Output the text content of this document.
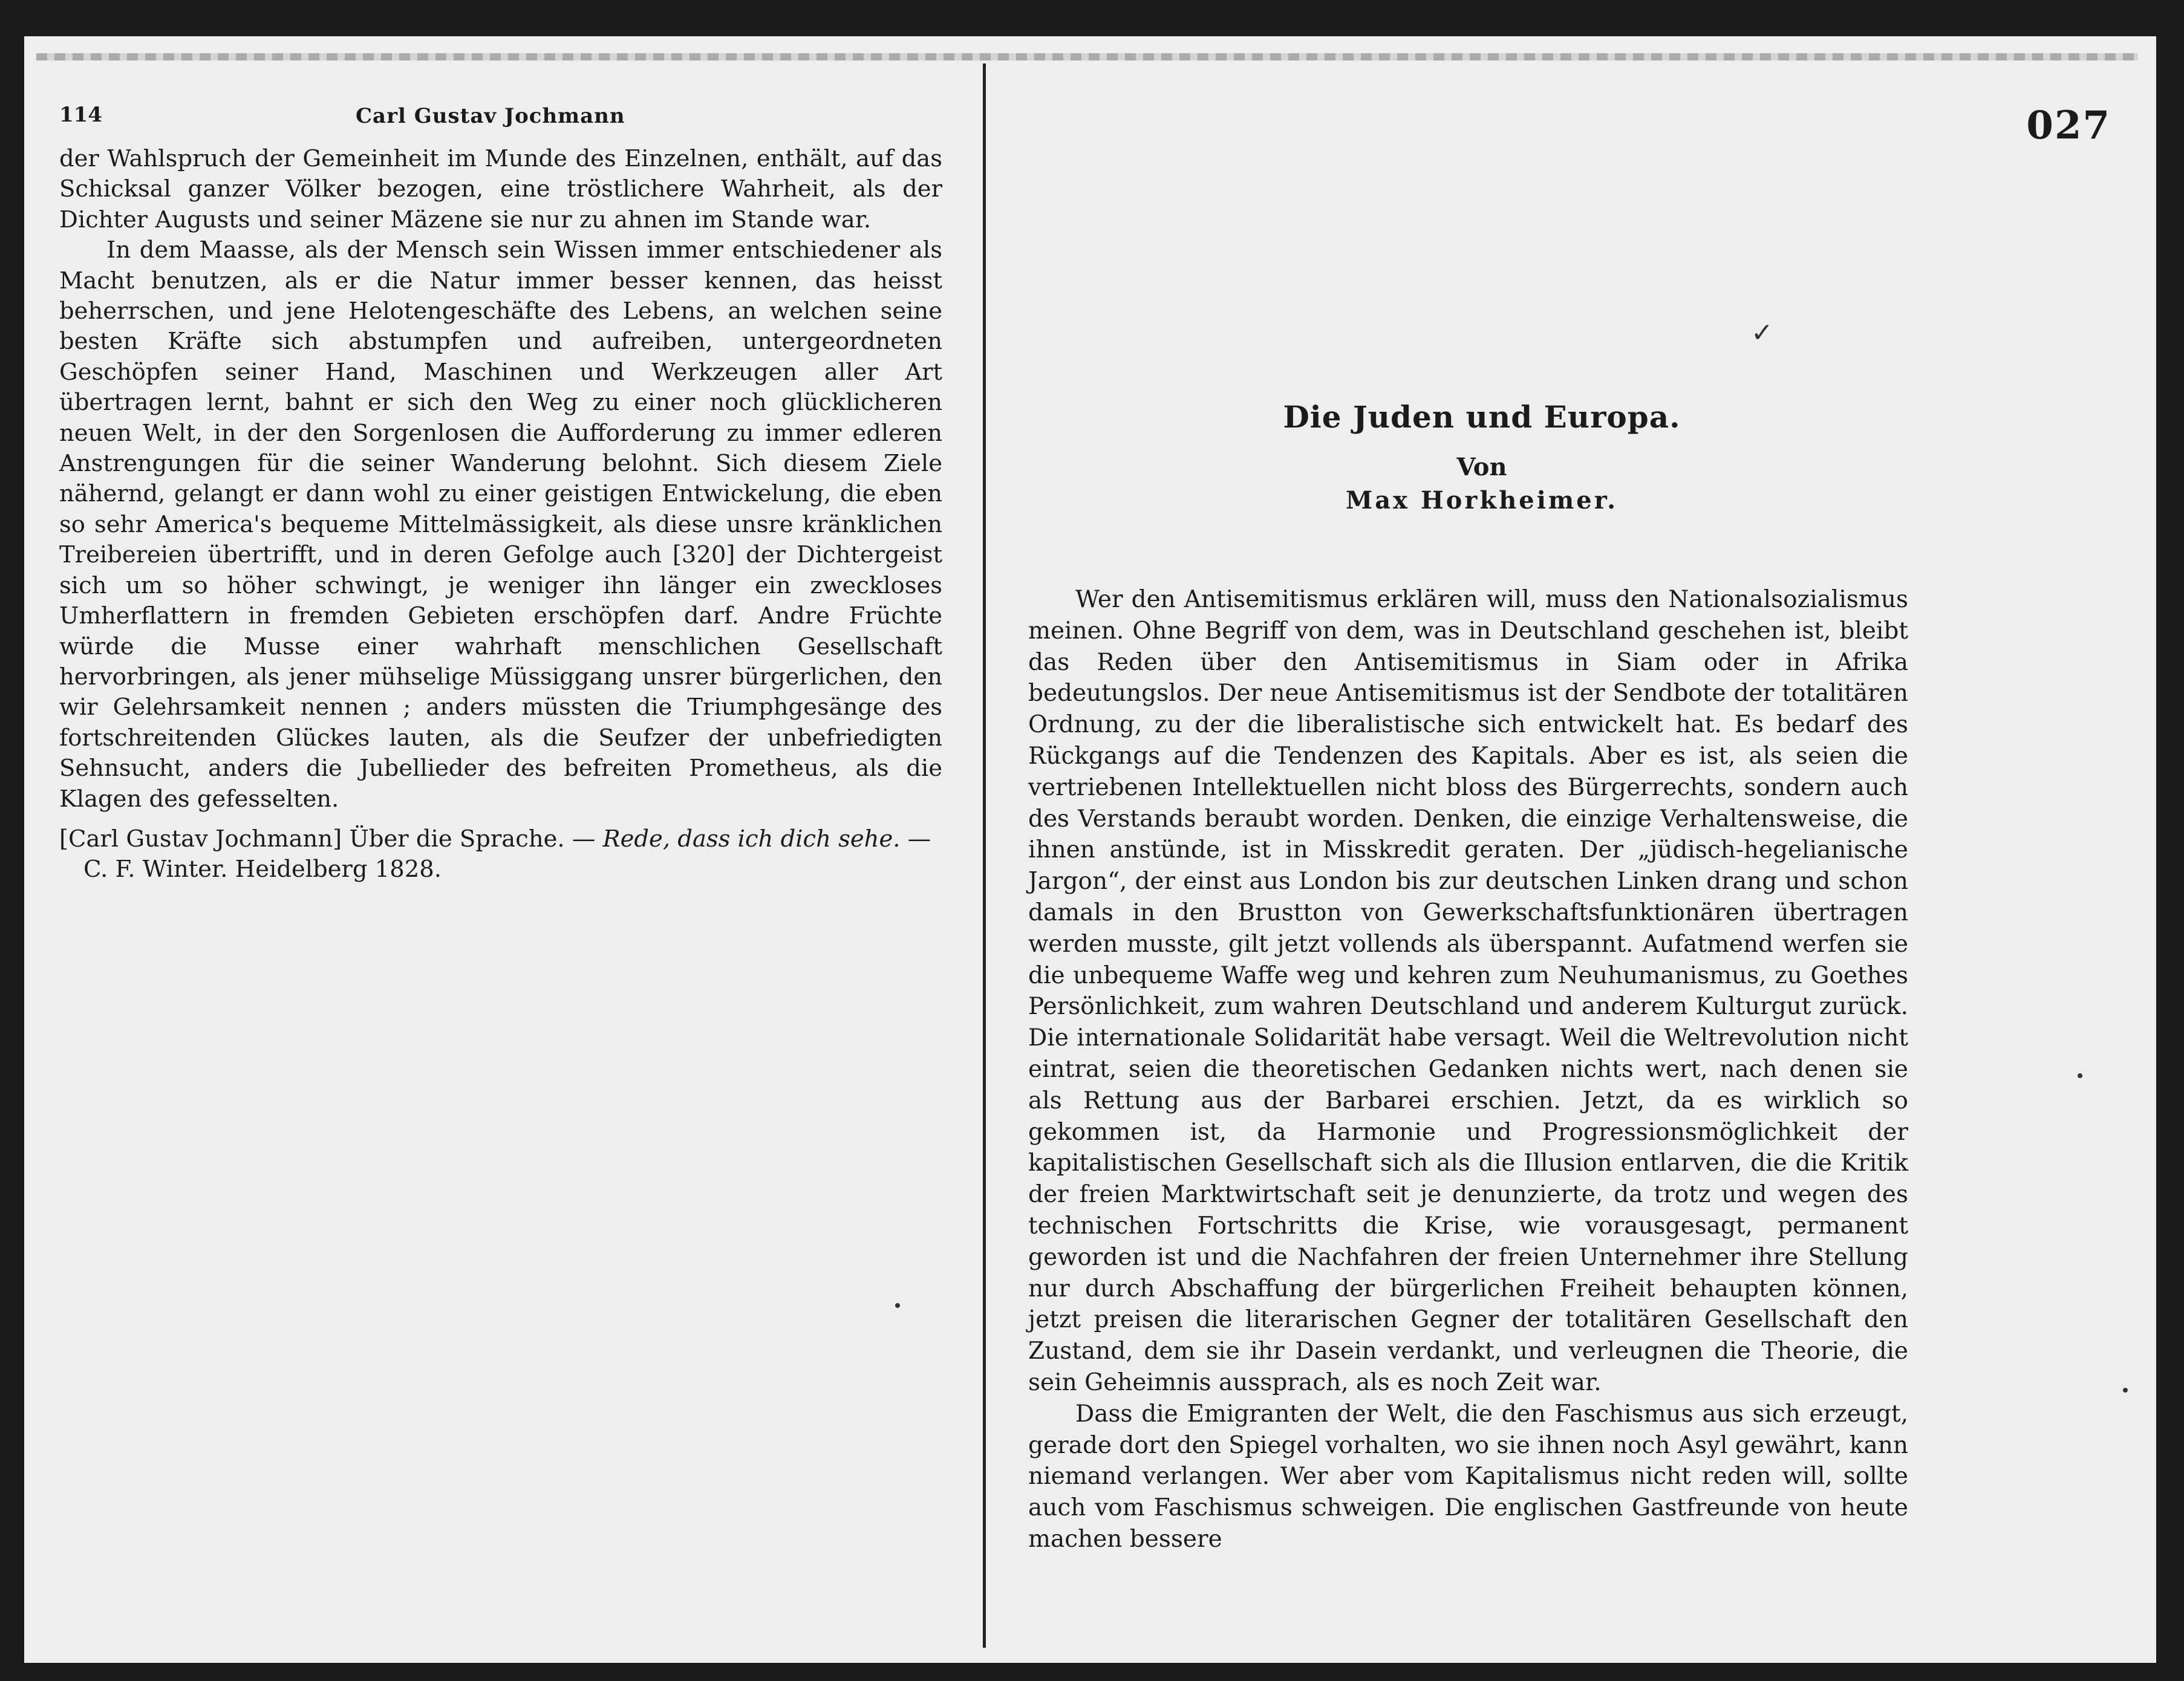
114	Carl Gustav Jochmann

der Wahlspruch der Gemeinheit im Munde des Einzelnen, enthält, auf das Schicksal ganzer Völker bezogen, eine tröstlichere Wahrheit, als der Dichter Augusts und seiner Mäzene sie nur zu ahnen im Stande war.

In dem Maasse, als der Mensch sein Wissen immer entschiedener als Macht benutzen, als er die Natur immer besser kennen, das heisst beherrschen, und jene Helotengeschäfte des Lebens, an welchen seine besten Kräfte sich abstumpfen und aufreiben, untergeordneten Geschöpfen seiner Hand, Maschinen und Werkzeugen aller Art übertragen lernt, bahnt er sich den Weg zu einer noch glücklicheren neuen Welt, in der den Sorgenlosen die Aufforderung zu immer edleren Anstrengungen für die seiner Wanderung belohnt. Sich diesem Ziele nähernd, gelangt er dann wohl zu einer geistigen Entwickelung, die eben so sehr America's bequeme Mittelmässigkeit, als diese unsre kränklichen Treibereien übertrifft, und in deren Gefolge auch [320] der Dichtergeist sich um so höher schwingt, je weniger ihn länger ein zweckloses Umherflattern in fremden Gebieten erschöpfen darf. Andre Früchte würde die Musse einer wahrhaft menschlichen Gesellschaft hervorbringen, als jener mühselige Müssiggang unsrer bürgerlichen, den wir Gelehrsamkeit nennen ; anders müssten die Triumphgesänge des fortschreitenden Glückes lauten, als die Seufzer der unbefriedigten Sehnsucht, anders die Jubellieder des befreiten Prometheus, als die Klagen des gefesselten.

[Carl Gustav Jochmann] Über die Sprache. — Rede, dass ich dich sehe. — C. F. Winter. Heidelberg 1828.
027
✓
Die Juden und Europa.
Von
Max Horkheimer.

Wer den Antisemitismus erklären will, muss den Nationalsozialismus meinen. Ohne Begriff von dem, was in Deutschland geschehen ist, bleibt das Reden über den Antisemitismus in Siam oder in Afrika bedeutungslos. Der neue Antisemitismus ist der Sendbote der totalitären Ordnung, zu der die liberalistische sich entwickelt hat. Es bedarf des Rückgangs auf die Tendenzen des Kapitals. Aber es ist, als seien die vertriebenen Intellektuellen nicht bloss des Bürgerrechts, sondern auch des Verstands beraubt worden. Denken, die einzige Verhaltensweise, die ihnen anstünde, ist in Misskredit geraten. Der „jüdisch-hegelianische Jargon“, der einst aus London bis zur deutschen Linken drang und schon damals in den Brustton von Gewerkschaftsfunktionären übertragen werden musste, gilt jetzt vollends als überspannt. Aufatmend werfen sie die unbequeme Waffe weg und kehren zum Neuhumanismus, zu Goethes Persönlichkeit, zum wahren Deutschland und anderem Kulturgut zurück. Die internationale Solidarität habe versagt. Weil die Weltrevolution nicht eintrat, seien die theoretischen Gedanken nichts wert, nach denen sie als Rettung aus der Barbarei erschien. Jetzt, da es wirklich so gekommen ist, da Harmonie und Progressionsmöglichkeit der kapitalistischen Gesellschaft sich als die Illusion entlarven, die die Kritik der freien Marktwirtschaft seit je denunzierte, da trotz und wegen des technischen Fortschritts die Krise, wie vorausgesagt, permanent geworden ist und die Nachfahren der freien Unternehmer ihre Stellung nur durch Abschaffung der bürgerlichen Freiheit behaupten können, jetzt preisen die literarischen Gegner der totalitären Gesellschaft den Zustand, dem sie ihr Dasein verdankt, und verleugnen die Theorie, die sein Geheimnis aussprach, als es noch Zeit war.

Dass die Emigranten der Welt, die den Faschismus aus sich erzeugt, gerade dort den Spiegel vorhalten, wo sie ihnen noch Asyl gewährt, kann niemand verlangen. Wer aber vom Kapitalismus nicht reden will, sollte auch vom Faschismus schweigen. Die englischen Gastfreunde von heute machen bessere
